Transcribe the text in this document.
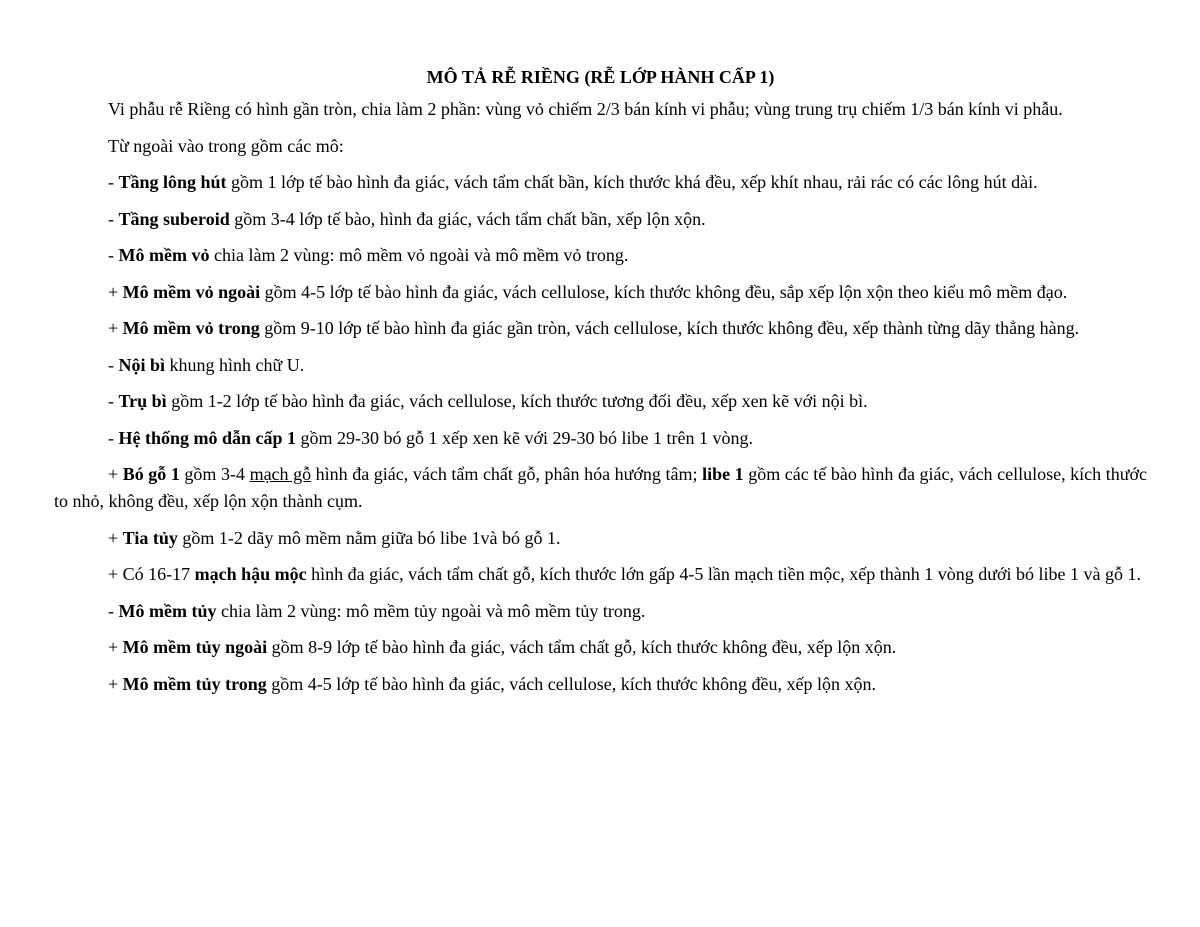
MÔ TẢ RỄ RIỀNG (RỄ LỚP HÀNH CẤP 1)

Vi phẫu rễ Riềng có hình gần tròn, chia làm 2 phần: vùng vỏ chiếm 2/3 bán kính vi phẫu; vùng trung trụ chiếm 1/3 bán kính vi phẫu.

Từ ngoài vào trong gồm các mô:

- Tầng lông hút gồm 1 lớp tế bào hình đa giác, vách tẩm chất bần, kích thước khá đều, xếp khít nhau, rải rác có các lông hút dài.

- Tầng suberoid gồm 3-4 lớp tế bào, hình đa giác, vách tẩm chất bần, xếp lộn xộn.

- Mô mềm vỏ chia làm 2 vùng: mô mềm vỏ ngoài và mô mềm vỏ trong.

+ Mô mềm vỏ ngoài gồm 4-5 lớp tế bào hình đa giác, vách cellulose, kích thước không đều, sắp xếp lộn xộn theo kiểu mô mềm đạo.

+ Mô mềm vỏ trong gồm 9-10 lớp tế bào hình đa giác gần tròn, vách cellulose, kích thước không đều, xếp thành từng dãy thẳng hàng.

- Nội bì khung hình chữ U.

- Trụ bì gồm 1-2 lớp tế bào hình đa giác, vách cellulose, kích thước tương đối đều, xếp xen kẽ với nội bì.

- Hệ thống mô dẫn cấp 1 gồm 29-30 bó gỗ 1 xếp xen kẽ với 29-30 bó libe 1 trên 1 vòng.

+ Bó gỗ 1 gồm 3-4 mạch gỗ hình đa giác, vách tẩm chất gỗ, phân hóa hướng tâm; libe 1 gồm các tế bào hình đa giác, vách cellulose, kích thước to nhỏ, không đều, xếp lộn xộn thành cụm.

+ Tia tủy gồm 1-2 dãy mô mềm nằm giữa bó libe 1và bó gỗ 1.

+ Có 16-17 mạch hậu mộc hình đa giác, vách tẩm chất gỗ, kích thước lớn gấp 4-5 lần mạch tiền mộc, xếp thành 1 vòng dưới bó libe 1 và gỗ 1.

- Mô mềm tủy chia làm 2 vùng: mô mềm tủy ngoài và mô mềm tủy trong.

+ Mô mềm tủy ngoài gồm 8-9 lớp tế bào hình đa giác, vách tẩm chất gỗ, kích thước không đều, xếp lộn xộn.

+ Mô mềm tủy trong gồm 4-5 lớp tế bào hình đa giác, vách cellulose, kích thước không đều, xếp lộn xộn.
